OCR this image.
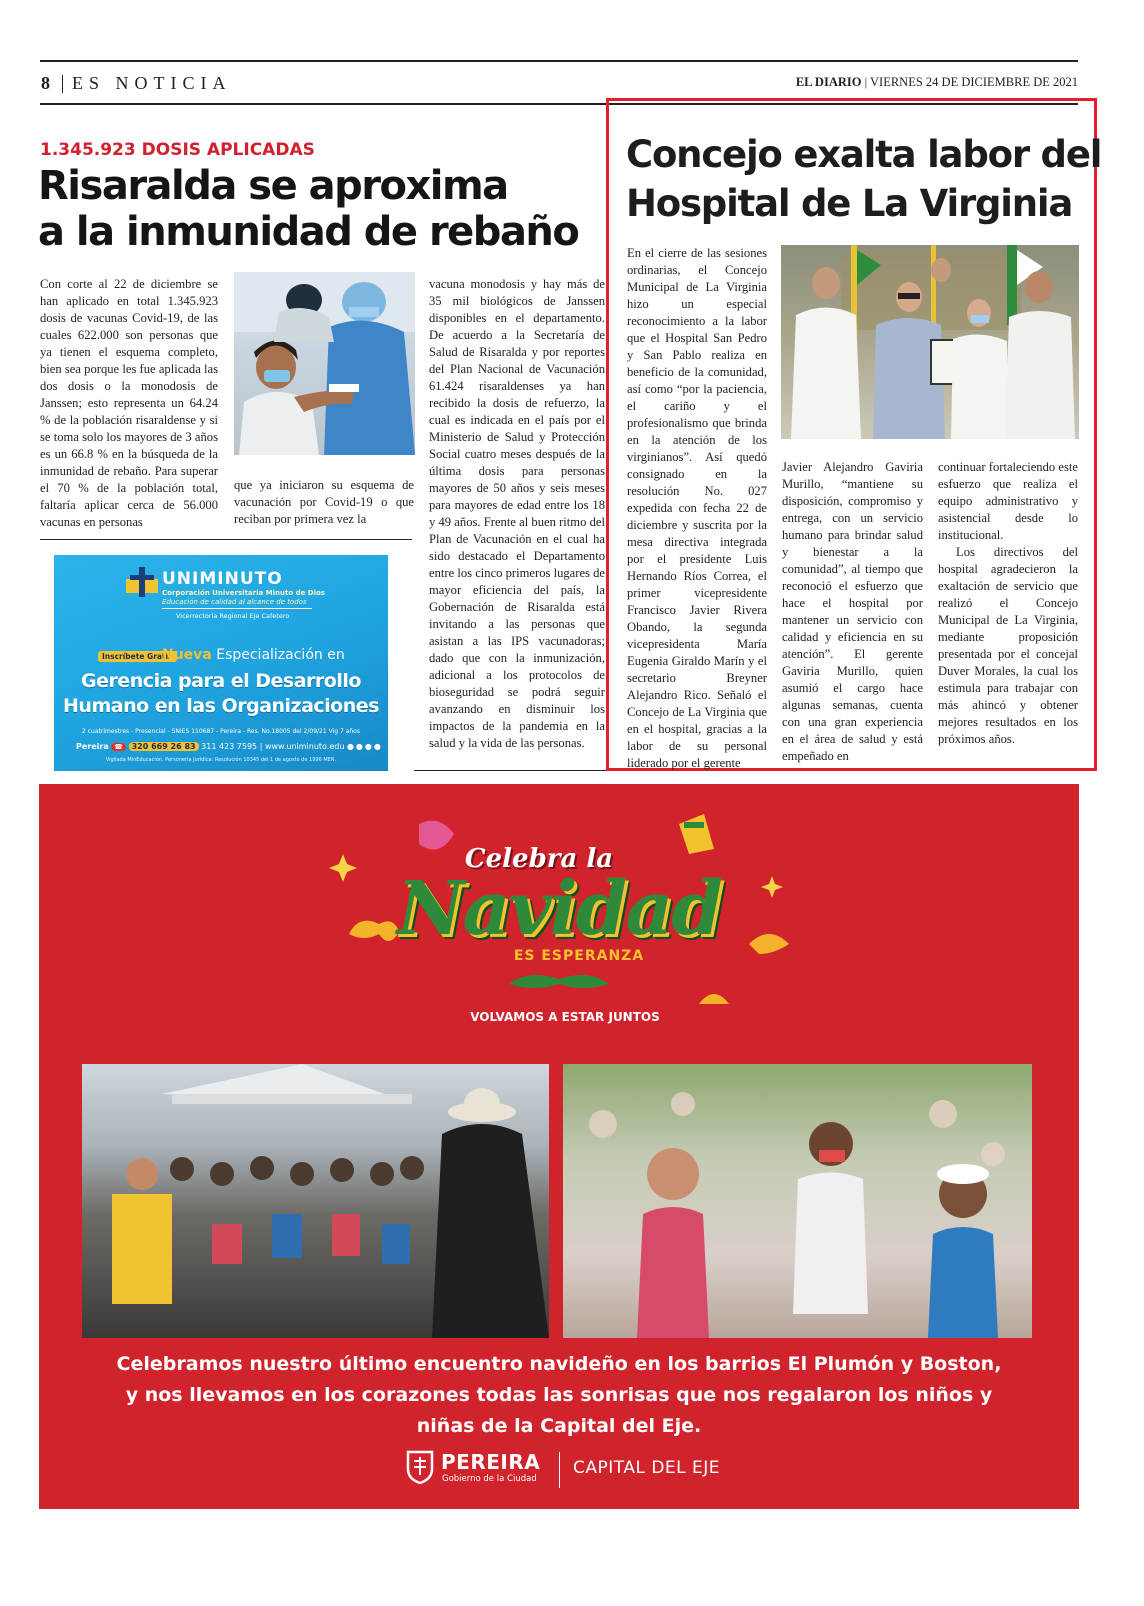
8 ES NOTICIA	EL DIARIO | VIERNES 24 DE DICIEMBRE DE 2021
1.345.923 DOSIS APLICADAS
Risaralda se aproxima
a la inmunidad de rebaño

Con corte al 22 de diciembre se han aplicado en total 1.345.923 dosis de vacunas Covid-19, de las cuales 622.000 son personas que ya tienen el esquema completo, bien sea porque les fue aplicada las dos dosis o la monodosis de Janssen; esto representa un 64.24 % de la población risaraldense y si se toma solo los mayores de 3 años es un 66.8 % en la búsqueda de la inmunidad de rebaño. Para superar el 70 % de la población total, faltaría aplicar cerca de 56.000 vacunas en personas

que ya iniciaron su esquema de vacunación por Covid-19 o que reciban por primera vez la

vacuna monodosis y hay más de 35 mil biológicos de Janssen disponibles en el departamento. De acuerdo a la Secretaría de Salud de Risaralda y por reportes del Plan Nacional de Vacunación 61.424 risaraldenses ya han recibido la dosis de refuerzo, la cual es indicada en el país por el Ministerio de Salud y Protección Social cuatro meses después de la última dosis para personas mayores de 50 años y seis meses para mayores de edad entre los 18 y 49 años. Frente al buen ritmo del Plan de Vacunación en el cual ha sido destacado el Departamento entre los cinco primeros lugares de mayor eficiencia del país, la Gobernación de Risaralda está invitando a las personas que asistan a las IPS vacunadoras; dado que con la inmunización, adicional a los protocolos de bioseguridad se podrá seguir avanzando en disminuir los impactos de la pandemia en la salud y la vida de las personas.

UNIMINUTO
Corporación Universitaria Minuto de Dios
Educación de calidad al alcance de todos
Vicerrectoría Regional Eje Cafetero
Inscríbete Gratis
Nueva Especialización en
Gerencia para el Desarrollo
Humano en las Organizaciones
2 cuatrimestres - Presencial - SNIES 110687 - Pereira - Res. No.18005 del 2/09/21 Vig 7 años
Pereira ☎ 320 669 26 83 311 423 7595 | www.uniminuto.edu ●●●●
Vigilada MinEducación. Personería Jurídica: Resolución 10345 del 1 de agosto de 1996 MEN.
Concejo exalta labor del
Hospital de La Virginia

En el cierre de las sesiones ordinarias, el Concejo Municipal de La Virginia hizo un especial reconocimiento a la labor que el Hospital San Pedro y San Pablo realiza en beneficio de la comunidad, así como “por la paciencia, el cariño y el profesionalismo que brinda en la atención de los virginianos”. Así quedó consignado en la resolución No. 027 expedida con fecha 22 de diciembre y suscrita por la mesa directiva integrada por el presidente Luis Hernando Ríos Correa, el primer vicepresidente Francisco Javier Rivera Obando, la segunda vicepresidenta María Eugenia Giraldo Marín y el secretario Breyner Alejandro Rico. Señaló el Concejo de La Virginia que en el hospital, gracias a la labor de su personal liderado por el gerente

Javier Alejandro Gaviria Murillo, “mantiene su disposición, compromiso y entrega, con un servicio humano para brindar salud y bienestar a la comunidad”, al tiempo que reconoció el esfuerzo que hace el hospital por mantener un servicio con calidad y eficiencia en su atención”. El gerente Gaviria Murillo, quien asumió el cargo hace algunas semanas, cuenta con una gran experiencia en el área de salud y está empeñado en

continuar fortaleciendo este esfuerzo que realiza el equipo administrativo y asistencial desde lo institucional.

Los directivos del hospital agradecieron la exaltación de servicio que realizó el Concejo Municipal de La Virginia, mediante proposición presentada por el concejal Duver Morales, la cual los estimula para trabajar con más ahincó y obtener mejores resultados en los próximos años.

Celebra la
Navidad
ES ESPERANZA
VOLVAMOS A ESTAR JUNTOS
Celebramos nuestro último encuentro navideño en los barrios El Plumón y Boston, y nos llevamos en los corazones todas las sonrisas que nos regalaron los niños y niñas de la Capital del Eje.
PEREIRA
Gobierno de la Ciudad
CAPITAL DEL EJE
